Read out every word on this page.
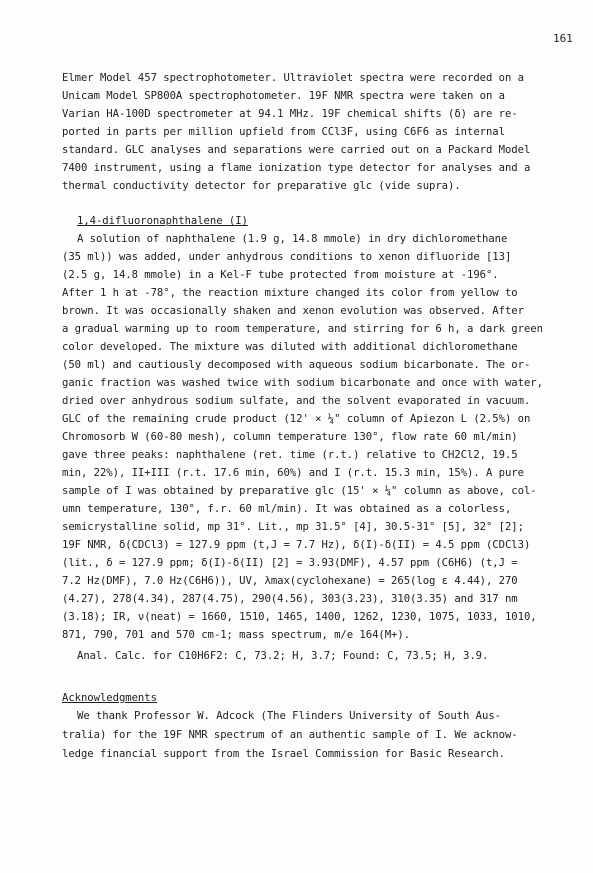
161
Elmer Model 457 spectrophotometer. Ultraviolet spectra were recorded on a
Unicam Model SP800A spectrophotometer. 19F NMR spectra were taken on a
Varian HA-100D spectrometer at 94.1 MHz. 19F chemical shifts (δ) are re-
ported in parts per million upfield from CCl3F, using C6F6 as internal
standard. GLC analyses and separations were carried out on a Packard Model
7400 instrument, using a flame ionization type detector for analyses and a
thermal conductivity detector for preparative glc (vide supra).
1,4-difluoronaphthalene (I)
A solution of naphthalene (1.9 g, 14.8 mmole) in dry dichloromethane
(35 ml)) was added, under anhydrous conditions to xenon difluoride [13]
(2.5 g, 14.8 mmole) in a Kel-F tube protected from moisture at -196°.
After 1 h at -78°, the reaction mixture changed its color from yellow to
brown. It was occasionally shaken and xenon evolution was observed. After
a gradual warming up to room temperature, and stirring for 6 h, a dark green
color developed. The mixture was diluted with additional dichloromethane
(50 ml) and cautiously decomposed with aqueous sodium bicarbonate. The or-
ganic fraction was washed twice with sodium bicarbonate and once with water,
dried over anhydrous sodium sulfate, and the solvent evaporated in vacuum.
GLC of the remaining crude product (12' × ¼" column of Apiezon L (2.5%) on
Chromosorb W (60-80 mesh), column temperature 130°, flow rate 60 ml/min)
gave three peaks: naphthalene (ret. time (r.t.) relative to CH2Cl2, 19.5
min, 22%), II+III (r.t. 17.6 min, 60%) and I (r.t. 15.3 min, 15%). A pure
sample of I was obtained by preparative glc (15' × ¼" column as above, col-
umn temperature, 130°, f.r. 60 ml/min). It was obtained as a colorless,
semicrystalline solid, mp 31°. Lit., mp 31.5° [4], 30.5-31° [5], 32° [2];
19F NMR, δ(CDCl3) = 127.9 ppm (t,J = 7.7 Hz), δ(I)-δ(II) = 4.5 ppm (CDCl3)
(lit., δ = 127.9 ppm; δ(I)-δ(II) [2] = 3.93(DMF), 4.57 ppm (C6H6) (t,J =
7.2 Hz(DMF), 7.0 Hz(C6H6)), UV, λmax(cyclohexane) = 265(log ε 4.44), 270
(4.27), 278(4.34), 287(4.75), 290(4.56), 303(3.23), 310(3.35) and 317 nm
(3.18); IR, ν(neat) = 1660, 1510, 1465, 1400, 1262, 1230, 1075, 1033, 1010,
871, 790, 701 and 570 cm-1; mass spectrum, m/e 164(M+).
Anal. Calc. for C10H6F2: C, 73.2; H, 3.7; Found: C, 73.5; H, 3.9.
Acknowledgments
We thank Professor W. Adcock (The Flinders University of South Aus-
tralia) for the 19F NMR spectrum of an authentic sample of I. We acknow-
ledge financial support from the Israel Commission for Basic Research.
